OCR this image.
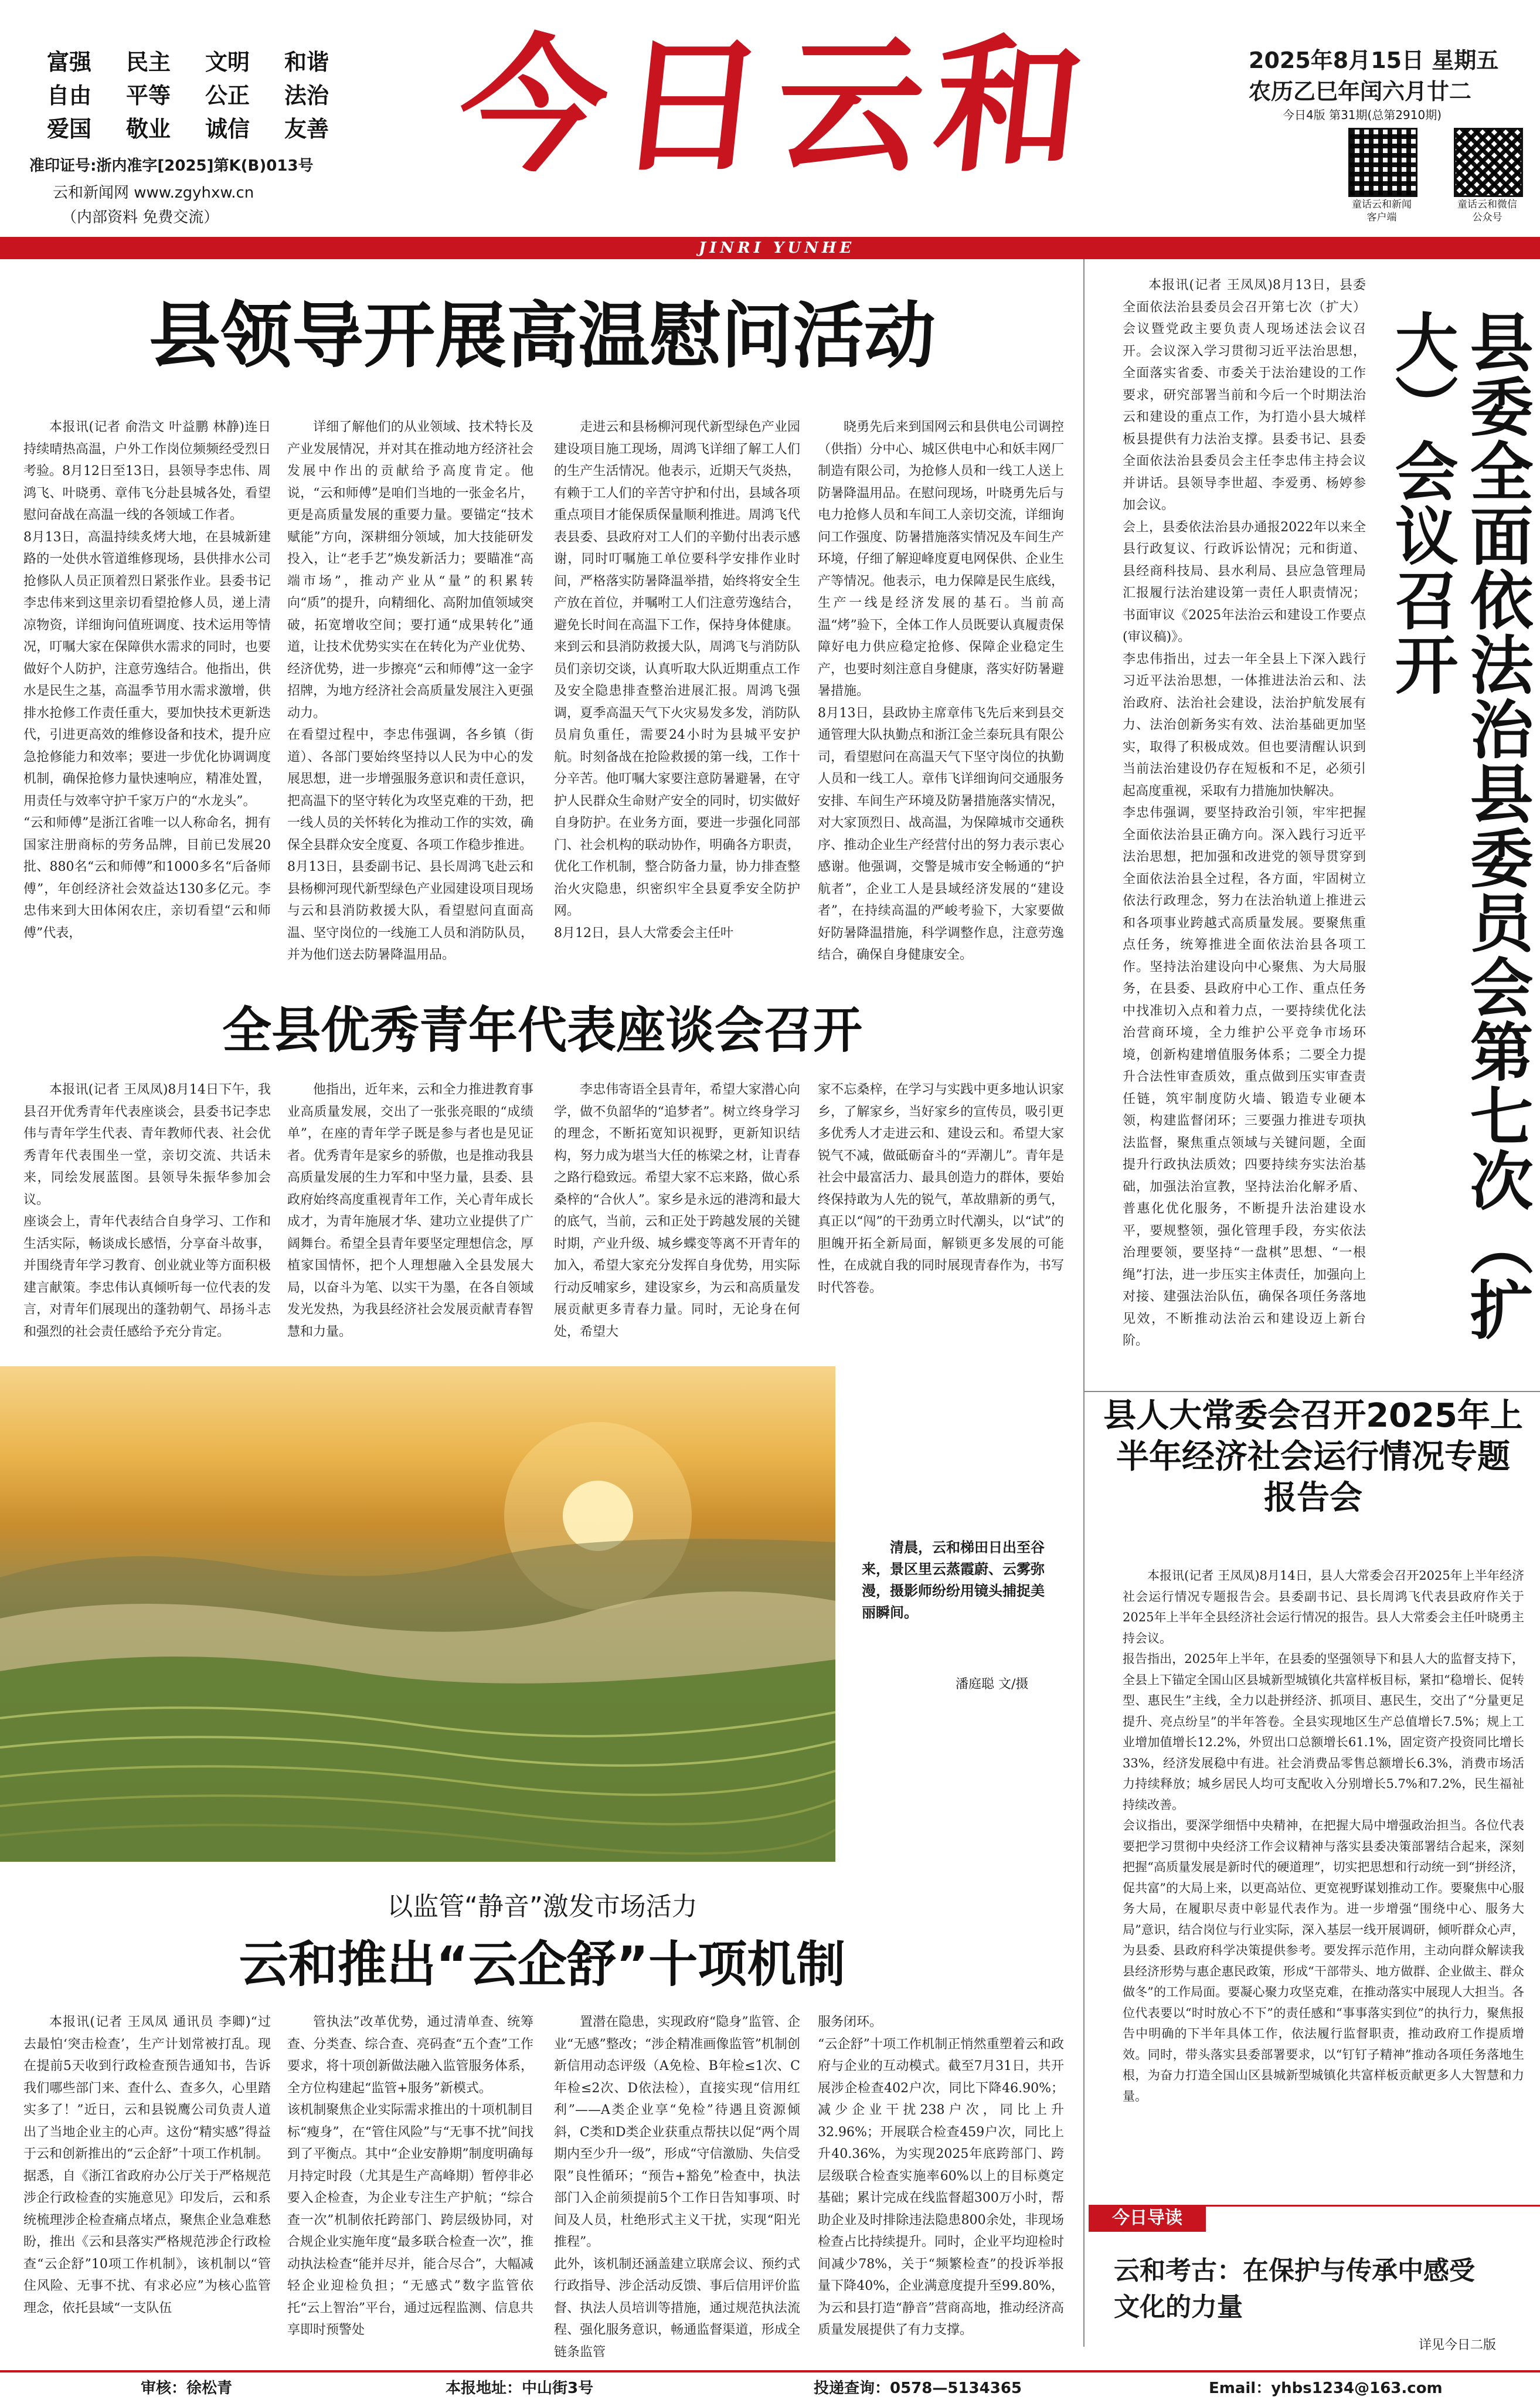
富强 民主 文明 和谐
自由 平等 公正 法治
爱国 敬业 诚信 友善
准印证号:浙内准字[2025]第K(B)013号
云和新闻网 www.zgyhxw.cn
（内部资料 免费交流）
今日云和	2025年8月15日 星期五
农历乙巳年闰六月廿二
今日4版 第31期(总第2910期)
童话云和新闻客户端
童话云和微信公众号
JINRI YUNHE
县领导开展高温慰问活动
本报讯(记者 俞浩文 叶益鹏 林静)连日持续晴热高温，户外工作岗位频频经受烈日考验。8月12日至13日，县领导李忠伟、周鸿飞、叶晓勇、章伟飞分赴县城各处，看望慰问奋战在高温一线的各领域工作者。
8月13日，高温持续炙烤大地，在县城新建路的一处供水管道维修现场，县供排水公司抢修队人员正顶着烈日紧张作业。县委书记李忠伟来到这里亲切看望抢修人员，递上清凉物资，详细询问值班调度、技术运用等情况，叮嘱大家在保障供水需求的同时，也要做好个人防护，注意劳逸结合。他指出，供水是民生之基，高温季节用水需求激增，供排水抢修工作责任重大，要加快技术更新迭代，引进更高效的维修设备和技术，提升应急抢修能力和效率；要进一步优化协调调度机制，确保抢修力量快速响应，精准处置，用责任与效率守护千家万户的“水龙头”。
“云和师傅”是浙江省唯一以人称命名，拥有国家注册商标的劳务品牌，目前已发展20批、880名“云和师傅”和1000多名“后备师傅”，年创经济社会效益达130多亿元。李忠伟来到大田体闲农庄，亲切看望“云和师傅”代表，
详细了解他们的从业领域、技术特长及产业发展情况，并对其在推动地方经济社会发展中作出的贡献给予高度肯定。他说，“云和师傅”是咱们当地的一张金名片，更是高质量发展的重要力量。要锚定“技术赋能”方向，深耕细分领域，加大技能研发投入，让“老手艺”焕发新活力；要瞄准“高端市场”，推动产业从“量”的积累转向“质”的提升，向精细化、高附加值领域突破，拓宽增收空间；要打通“成果转化”通道，让技术优势实实在在转化为产业优势、经济优势，进一步擦亮“云和师傅”这一金字招牌，为地方经济社会高质量发展注入更强动力。
在看望过程中，李忠伟强调，各乡镇（街道）、各部门要始终坚持以人民为中心的发展思想，进一步增强服务意识和责任意识，把高温下的坚守转化为攻坚克难的干劲，把一线人员的关怀转化为推动工作的实效，确保全县群众安全度夏、各项工作稳步推进。
8月13日，县委副书记、县长周鸿飞赴云和县杨柳河现代新型绿色产业园建设项目现场与云和县消防救援大队，看望慰问直面高温、坚守岗位的一线施工人员和消防队员，并为他们送去防暑降温用品。
走进云和县杨柳河现代新型绿色产业园建设项目施工现场，周鸿飞详细了解工人们的生产生活情况。他表示，近期天气炎热，有赖于工人们的辛苦守护和付出，县域各项重点项目才能保质保量顺利推进。周鸿飞代表县委、县政府对工人们的辛勤付出表示感谢，同时叮嘱施工单位要科学安排作业时间，严格落实防暑降温举措，始终将安全生产放在首位，并嘱咐工人们注意劳逸结合，避免长时间在高温下工作，保持身体健康。
来到云和县消防救援大队，周鸿飞与消防队员们亲切交谈，认真听取大队近期重点工作及安全隐患排查整治进展汇报。周鸿飞强调，夏季高温天气下火灾易发多发，消防队员肩负重任，需要24小时为县城平安护航。时刻备战在抢险救援的第一线，工作十分辛苦。他叮嘱大家要注意防暑避暑，在守护人民群众生命财产安全的同时，切实做好自身防护。在业务方面，要进一步强化同部门、社会机构的联动协作，明确各方职责，优化工作机制，整合防备力量，协力排查整治火灾隐患，织密织牢全县夏季安全防护网。
8月12日，县人大常委会主任叶
晓勇先后来到国网云和县供电公司调控（供指）分中心、城区供电中心和妖丰网厂制造有限公司，为抢修人员和一线工人送上防暑降温用品。在慰问现场，叶晓勇先后与电力抢修人员和车间工人亲切交流，详细询问工作强度、防暑措施落实情况及车间生产环境，仔细了解迎峰度夏电网保供、企业生产等情况。他表示，电力保障是民生底线，生产一线是经济发展的基石。当前高温“烤”验下，全体工作人员既要认真履责保障好电力供应稳定抢修、保障企业稳定生产，也要时刻注意自身健康，落实好防暑避暑措施。
8月13日，县政协主席章伟飞先后来到县交通管理大队执勤点和浙江金兰泰玩具有限公司，看望慰问在高温天气下坚守岗位的执勤人员和一线工人。章伟飞详细询问交通服务安排、车间生产环境及防暑措施落实情况，对大家顶烈日、战高温，为保障城市交通秩序、推动企业生产经营付出的努力表示衷心感谢。他强调，交警是城市安全畅通的“护航者”，企业工人是县域经济发展的“建设者”，在持续高温的严峻考验下，大家要做好防暑降温措施，科学调整作息，注意劳逸结合，确保自身健康安全。
全县优秀青年代表座谈会召开
本报讯(记者 王凤凤)8月14日下午，我县召开优秀青年代表座谈会，县委书记李忠伟与青年学生代表、青年教师代表、社会优秀青年代表围坐一堂，亲切交流、共话未来，同绘发展蓝图。县领导朱振华参加会议。
座谈会上，青年代表结合自身学习、工作和生活实际，畅谈成长感悟，分享奋斗故事，并围绕青年学习教育、创业就业等方面积极建言献策。李忠伟认真倾听每一位代表的发言，对青年们展现出的蓬勃朝气、昂扬斗志和强烈的社会责任感给予充分肯定。
他指出，近年来，云和全力推进教育事业高质量发展，交出了一张张亮眼的“成绩单”，在座的青年学子既是参与者也是见证者。优秀青年是家乡的骄傲，也是推动我县高质量发展的生力军和中坚力量，县委、县政府始终高度重视青年工作，关心青年成长成才，为青年施展才华、建功立业提供了广阔舞台。希望全县青年要坚定理想信念，厚植家国情怀，把个人理想融入全县发展大局，以奋斗为笔、以实干为墨，在各自领域发光发热，为我县经济社会发展贡献青春智慧和力量。
李忠伟寄语全县青年，希望大家潜心向学，做不负韶华的“追梦者”。树立终身学习的理念，不断拓宽知识视野，更新知识结构，努力成为堪当大任的栋梁之材，让青春之路行稳致远。希望大家不忘来路，做心系桑梓的“合伙人”。家乡是永远的港湾和最大的底气，当前，云和正处于跨越发展的关键时期，产业升级、城乡蝶变等离不开青年的加入，希望大家充分发挥自身优势，用实际行动反哺家乡，建设家乡，为云和高质量发展贡献更多青春力量。同时，无论身在何处，希望大
家不忘桑梓，在学习与实践中更多地认识家乡，了解家乡，当好家乡的宣传员，吸引更多优秀人才走进云和、建设云和。希望大家锐气不减，做砥砺奋斗的“弄潮儿”。青年是社会中最富活力、最具创造力的群体，要始终保持敢为人先的锐气，革故鼎新的勇气，真正以“闯”的干劲勇立时代潮头，以“试”的胆魄开拓全新局面，解锁更多发展的可能性，在成就自我的同时展现青春作为，书写时代答卷。
清晨，云和梯田日出至谷来，景区里云蒸霞蔚、云雾弥漫，摄影师纷纷用镜头捕捉美丽瞬间。
潘庭聪 文/摄
以监管“静音”激发市场活力
云和推出“云企舒”十项机制
本报讯(记者 王凤凤 通讯员 李卿)“过去最怕‘突击检查’，生产计划常被打乱。现在提前5天收到行政检查预告通知书，告诉我们哪些部门来、查什么、查多久，心里踏实多了！”近日，云和县锐鹰公司负责人道出了当地企业主的心声。这份“精实感”得益于云和创新推出的“云企舒”十项工作机制。
据悉，自《浙江省政府办公厅关于严格规范涉企行政检查的实施意见》印发后，云和系统梳理涉企检查痛点堵点，聚焦企业急难愁盼，推出《云和县落实严格规范涉企行政检查“云企舒”10项工作机制》，该机制以“管住风险、无事不扰、有求必应”为核心监管理念，依托县域“一支队伍
管执法”改革优势，通过清单查、统筹查、分类查、综合查、亮码查“五个查”工作要求，将十项创新做法融入监管服务体系，全方位构建起“监管+服务”新模式。
该机制聚焦企业实际需求推出的十项机制目标“瘦身”，在“管住风险”与“无事不扰”间找到了平衡点。其中“企业安静期”制度明确每月持定时段（尤其是生产高峰期）暂停非必要入企检查，为企业专注生产护航；“综合查一次”机制依托跨部门、跨层级协同，对合规企业实施年度“最多联合检查一次”，推动执法检查“能并尽并，能合尽合”，大幅减轻企业迎检负担；“无感式”数字监管依托“云上智治”平台，通过远程监测、信息共享即时预警处
置潜在隐患，实现政府“隐身”监管、企业“无感”整改；“涉企精准画像监管”机制创新信用动态评级（A免检、B年检≤1次、C年检≤2次、D依法检），直接实现“信用红利”——A类企业享“免检”待遇且资源倾斜，C类和D类企业获重点帮扶以促“两个周期内至少升一级”，形成“守信激励、失信受限”良性循环；“预告+豁免”检查中，执法部门入企前须提前5个工作日告知事项、时间及人员，杜绝形式主义干扰，实现“阳光推程”。
此外，该机制还涵盖建立联席会议、预约式行政指导、涉企活动反馈、事后信用评价监督、执法人员培训等措施，通过规范执法流程、强化服务意识，畅通监督渠道，形成全链条监管
服务闭环。
“云企舒”十项工作机制正悄然重塑着云和政府与企业的互动模式。截至7月31日，共开展涉企检查402户次，同比下降46.90%；减少企业干扰238户次，同比上升32.96%；开展联合检查459户次，同比上升40.36%，为实现2025年底跨部门、跨层级联合检查实施率60%以上的目标奠定基础；累计完成在线监督超300万小时，帮助企业及时排除违法隐患800余处，非现场检查占比持续提升。同时，企业平均迎检时间减少78%，关于“频繁检查”的投诉举报量下降40%，企业满意度提升至99.80%，为云和县打造“静音”营商高地，推动经济高质量发展提供了有力支撑。
本报讯(记者 王凤凤)8月13日，县委全面依法治县委员会召开第七次（扩大）会议暨党政主要负责人现场述法会议召开。会议深入学习贯彻习近平法治思想，全面落实省委、市委关于法治建设的工作要求，研究部署当前和今后一个时期法治云和建设的重点工作，为打造小县大城样板县提供有力法治支撑。县委书记、县委全面依法治县委员会主任李忠伟主持会议并讲话。县领导李世超、李爱勇、杨婷参加会议。
会上，县委依法治县办通报2022年以来全县行政复议、行政诉讼情况；元和街道、县经商科技局、县水利局、县应急管理局汇报履行法治建设第一责任人职责情况；书面审议《2025年法治云和建设工作要点(审议稿)》。
李忠伟指出，过去一年全县上下深入践行习近平法治思想，一体推进法治云和、法治政府、法治社会建设，法治护航发展有力、法治创新务实有效、法治基础更加坚实，取得了积极成效。但也要清醒认识到当前法治建设仍存在短板和不足，必须引起高度重视，采取有力措施加快解决。
李忠伟强调，要坚持政治引领，牢牢把握全面依法治县正确方向。深入践行习近平法治思想，把加强和改进党的领导贯穿到全面依法治县全过程，各方面，牢固树立依法行政理念，努力在法治轨道上推进云和各项事业跨越式高质量发展。要聚焦重点任务，统筹推进全面依法治县各项工作。坚持法治建设向中心聚焦、为大局服务，在县委、县政府中心工作、重点任务中找准切入点和着力点，一要持续优化法治营商环境，全力维护公平竞争市场环境，创新构建增值服务体系；二要全力提升合法性审查质效，重点做到压实审查责任链，筑牢制度防火墙、锻造专业硬本领，构建监督闭环；三要强力推进专项执法监督，聚焦重点领域与关键问题，全面提升行政执法质效；四要持续夯实法治基础，加强法治宣教，坚持法治化解矛盾、普惠化优化服务，不断提升法治建设水平，要规整领，强化管理手段，夯实依法治理要领，要坚持“一盘棋”思想、“一根绳”打法，进一步压实主体责任，加强向上对接、建强法治队伍，确保各项任务落地见效，不断推动法治云和建设迈上新台阶。	县委全面依法治县委员会第七次（扩大）会议召开
县人大常委会召开2025年上半年经济社会运行情况专题报告会
本报讯(记者 王凤凤)8月14日，县人大常委会召开2025年上半年经济社会运行情况专题报告会。县委副书记、县长周鸿飞代表县政府作关于2025年上半年全县经济社会运行情况的报告。县人大常委会主任叶晓勇主持会议。
报告指出，2025年上半年，在县委的坚强领导下和县人大的监督支持下，全县上下锚定全国山区县城新型城镇化共富样板目标，紧扣“稳增长、促转型、惠民生”主线，全力以赴拼经济、抓项目、惠民生，交出了“分量更足提升、亮点纷呈”的半年答卷。全县实现地区生产总值增长7.5%；规上工业增加值增长12.2%，外贸出口总额增长61.1%，固定资产投资同比增长33%，经济发展稳中有进。社会消费品零售总额增长6.3%，消费市场活力持续释放；城乡居民人均可支配收入分别增长5.7%和7.2%，民生福祉持续改善。
会议指出，要深学细悟中央精神，在把握大局中增强政治担当。各位代表要把学习贯彻中央经济工作会议精神与落实县委决策部署结合起来，深刻把握“高质量发展是新时代的硬道理”，切实把思想和行动统一到“拼经济，促共富”的大局上来，以更高站位、更宽视野谋划推动工作。要聚焦中心服务大局，在履职尽责中彰显代表作为。进一步增强“围绕中心、服务大局”意识，结合岗位与行业实际，深入基层一线开展调研，倾听群众心声，为县委、县政府科学决策提供参考。要发挥示范作用，主动向群众解读我县经济形势与惠企惠民政策，形成“干部带头、地方做群、企业做主、群众做冬”的工作局面。要凝心聚力攻坚克难，在推动落实中展现人大担当。各位代表要以“时时放心不下”的责任感和“事事落实到位”的执行力，聚焦报告中明确的下半年具体工作，依法履行监督职责，推动政府工作提质增效。同时，带头落实县委部署要求，以“钉钉子精神”推动各项任务落地生根，为奋力打造全国山区县城新型城镇化共富样板贡献更多人大智慧和力量。
今日导读
云和考古：在保护与传承中感受文化的力量
详见今日二版
审核：徐松青	本报地址：中山街3号	投递查询：0578—5134365	Email：yhbs1234@163.com
